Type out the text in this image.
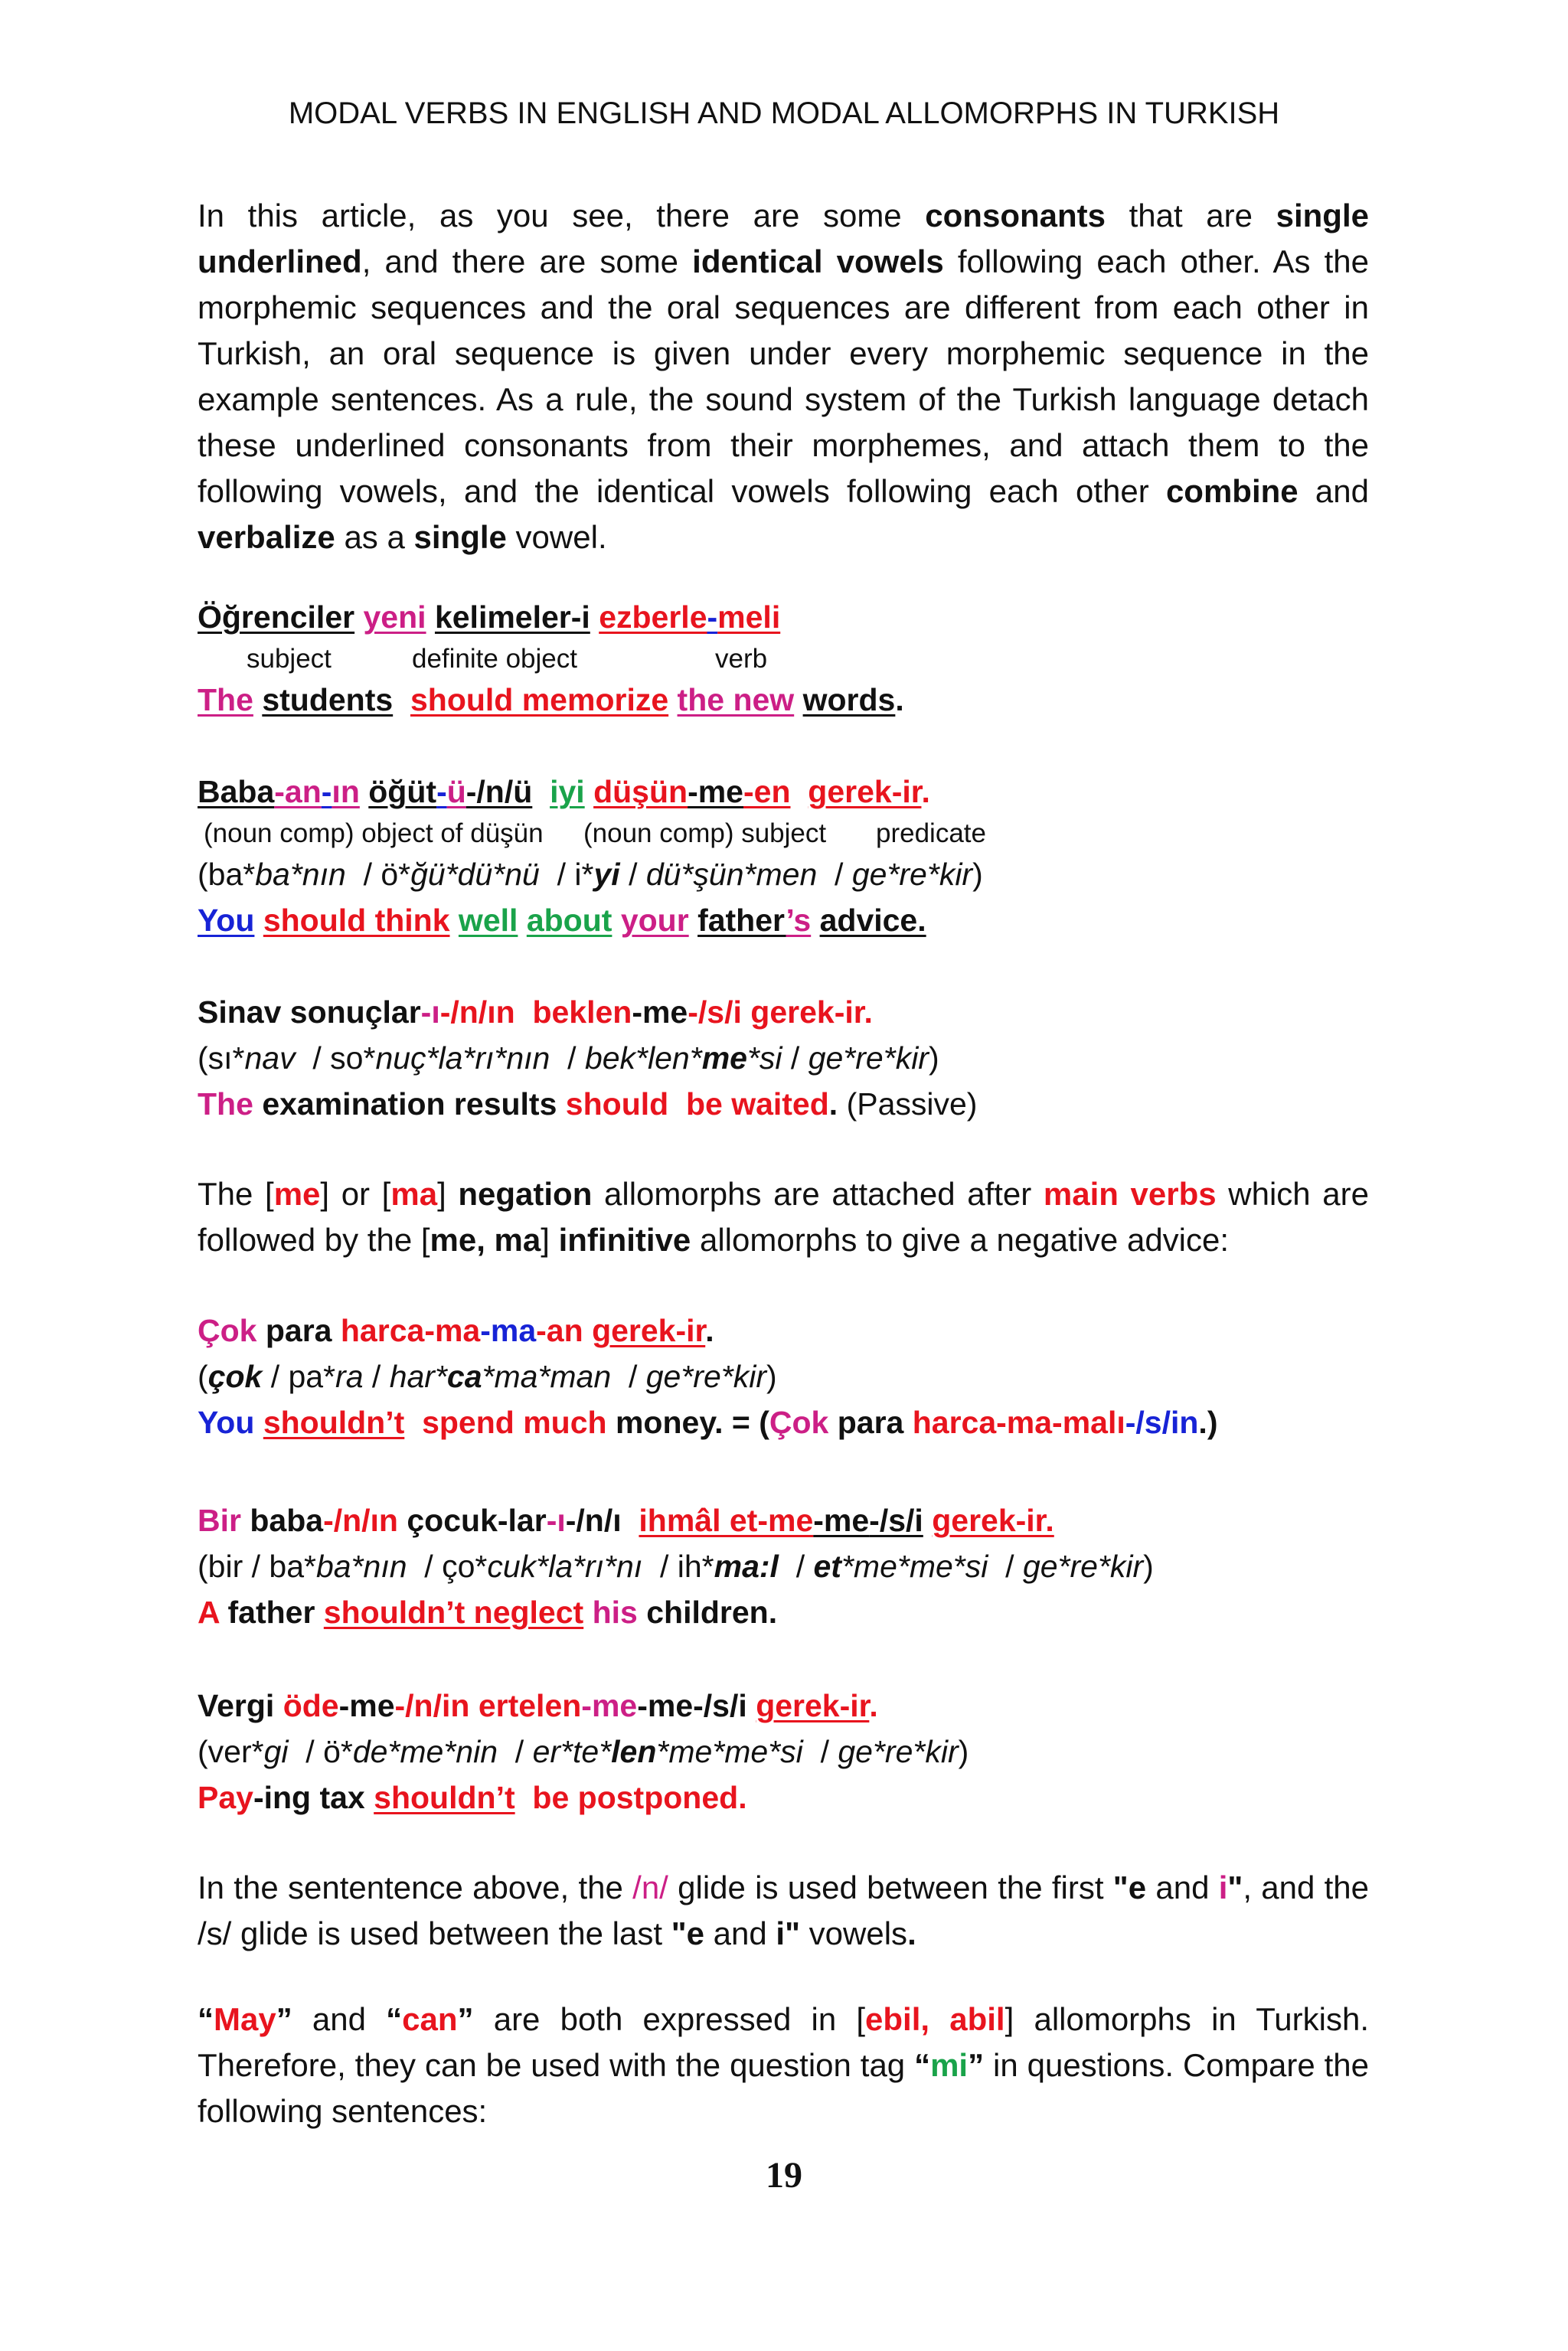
MODAL VERBS IN ENGLISH AND MODAL ALLOMORPHS IN TURKISH
In this article, as you see, there are some consonants that are single underlined, and there are some identical vowels following each other. As the morphemic sequences and the oral sequences are different from each other in Turkish, an oral sequence is given under every morphemic sequence in the example sentences. As a rule, the sound system of the Turkish language detach these underlined consonants from their morphemes, and attach them to the following vowels, and the identical vowels following each other combine and verbalize as a single vowel.
Öğrenciler yeni kelimeler-i ezberle-meli
subject	definite object	verb
The students should memorize the new words.
Baba-an-ın öğüt-ü-/n/ü iyi düşün-me-en gerek-ir.
(noun comp) object of düşün (noun comp) subject predicate
(ba*ba*nın  / ö*ğü*dü*nü  / i*yi / dü*şün*men  / ge*re*kir)
You should think well about your father’s advice.
Sinav sonuçlar-ı-/n/ın beklen-me-/s/i gerek-ir.
(sı*nav  / so*nuç*la*rı*nın  / bek*len*me*si / ge*re*kir)
The examination results should  be waited. (Passive)
The [me] or [ma] negation allomorphs are attached after main verbs which are followed by the [me, ma] infinitive allomorphs to give a negative advice:
Çok para harca-ma-ma-an gerek-ir.
(çok / pa*ra / har*ca*ma*man  / ge*re*kir)
You shouldn’t spend much money. = (Çok para harca-ma-malı-/s/in.)
Bir baba-/n/ın çocuk-lar-ı-/n/ı ihmâl et-me-me-/s/i gerek-ir.
(bir / ba*ba*nın  / ço*cuk*la*rı*nı  / ih*ma:l  / et*me*me*si  / ge*re*kir)
A father shouldn’t neglect his children.
Vergi öde-me-/n/in ertelen-me-me-/s/i gerek-ir.
(ver*gi  / ö*de*me*nin  / er*te*len*me*me*si  / ge*re*kir)
Pay-ing tax shouldn’t be postponed.
In the sententence above, the /n/ glide is used between the first "e and i", and the /s/ glide is used between the last "e and i" vowels.
“May” and “can” are both expressed in [ebil, abil] allomorphs in Turkish. Therefore, they can be used with the question tag “mi” in questions. Compare the following sentences:
19
